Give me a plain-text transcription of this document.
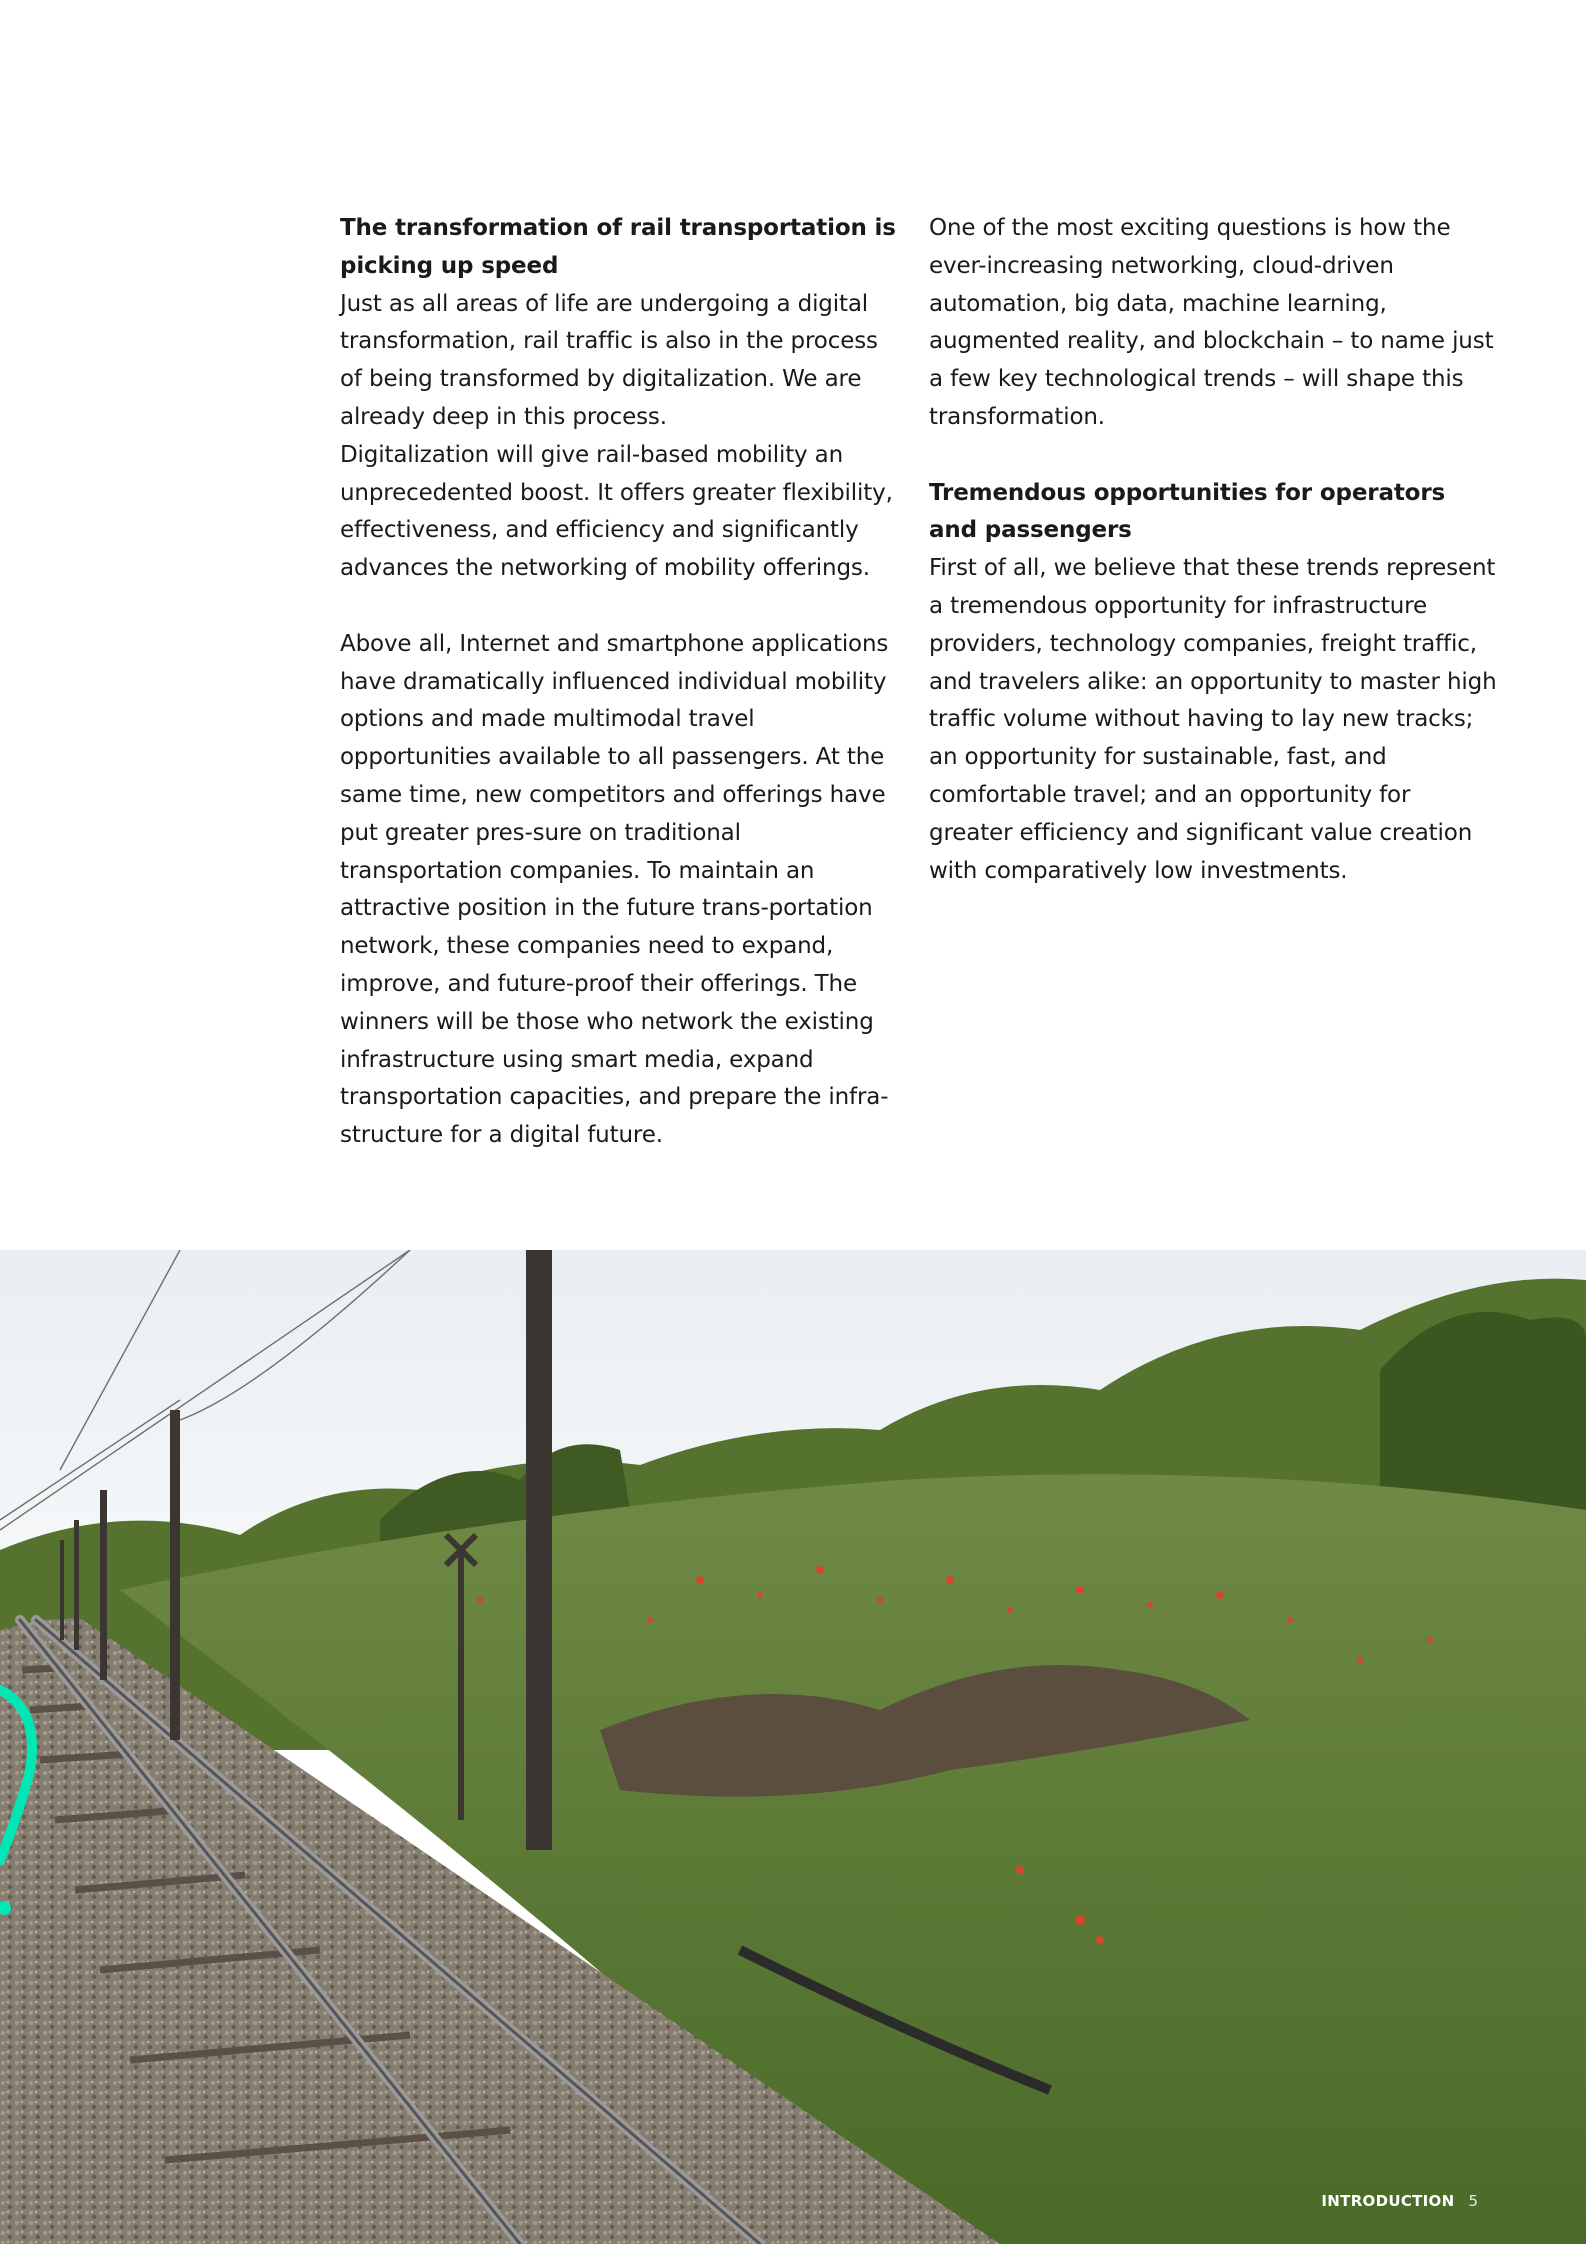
The transformation of rail transportation is picking up speed

Just as all areas of life are undergoing a digital transformation, rail traffic is also in the process of being transformed by digitalization. We are already deep in this process.

Digitalization will give rail-based mobility an unprecedented boost. It offers greater flexibility, effectiveness, and efficiency and significantly advances the networking of mobility offerings.

Above all, Internet and smartphone applications have dramatically influenced individual mobility options and made multimodal travel opportunities available to all passengers. At the same time, new competitors and offerings have put greater pres-sure on traditional transportation companies. To maintain an attractive position in the future trans-portation network, these companies need to expand, improve, and future-proof their offerings. The winners will be those who network the existing infrastructure using smart media, expand transportation capacities, and prepare the infra-structure for a digital future.

One of the most exciting questions is how the ever-increasing networking, cloud-driven automation, big data, machine learning, augmented reality, and blockchain – to name just a few key technological trends – will shape this transformation.

Tremendous opportunities for operators and passengers

First of all, we believe that these trends represent a tremendous opportunity for infrastructure providers, technology companies, freight traffic, and travelers alike: an opportunity to master high traffic volume without having to lay new tracks; an opportunity for sustainable, fast, and comfortable travel; and an opportunity for greater efficiency and significant value creation with comparatively low investments.

INTRODUCTION 5
